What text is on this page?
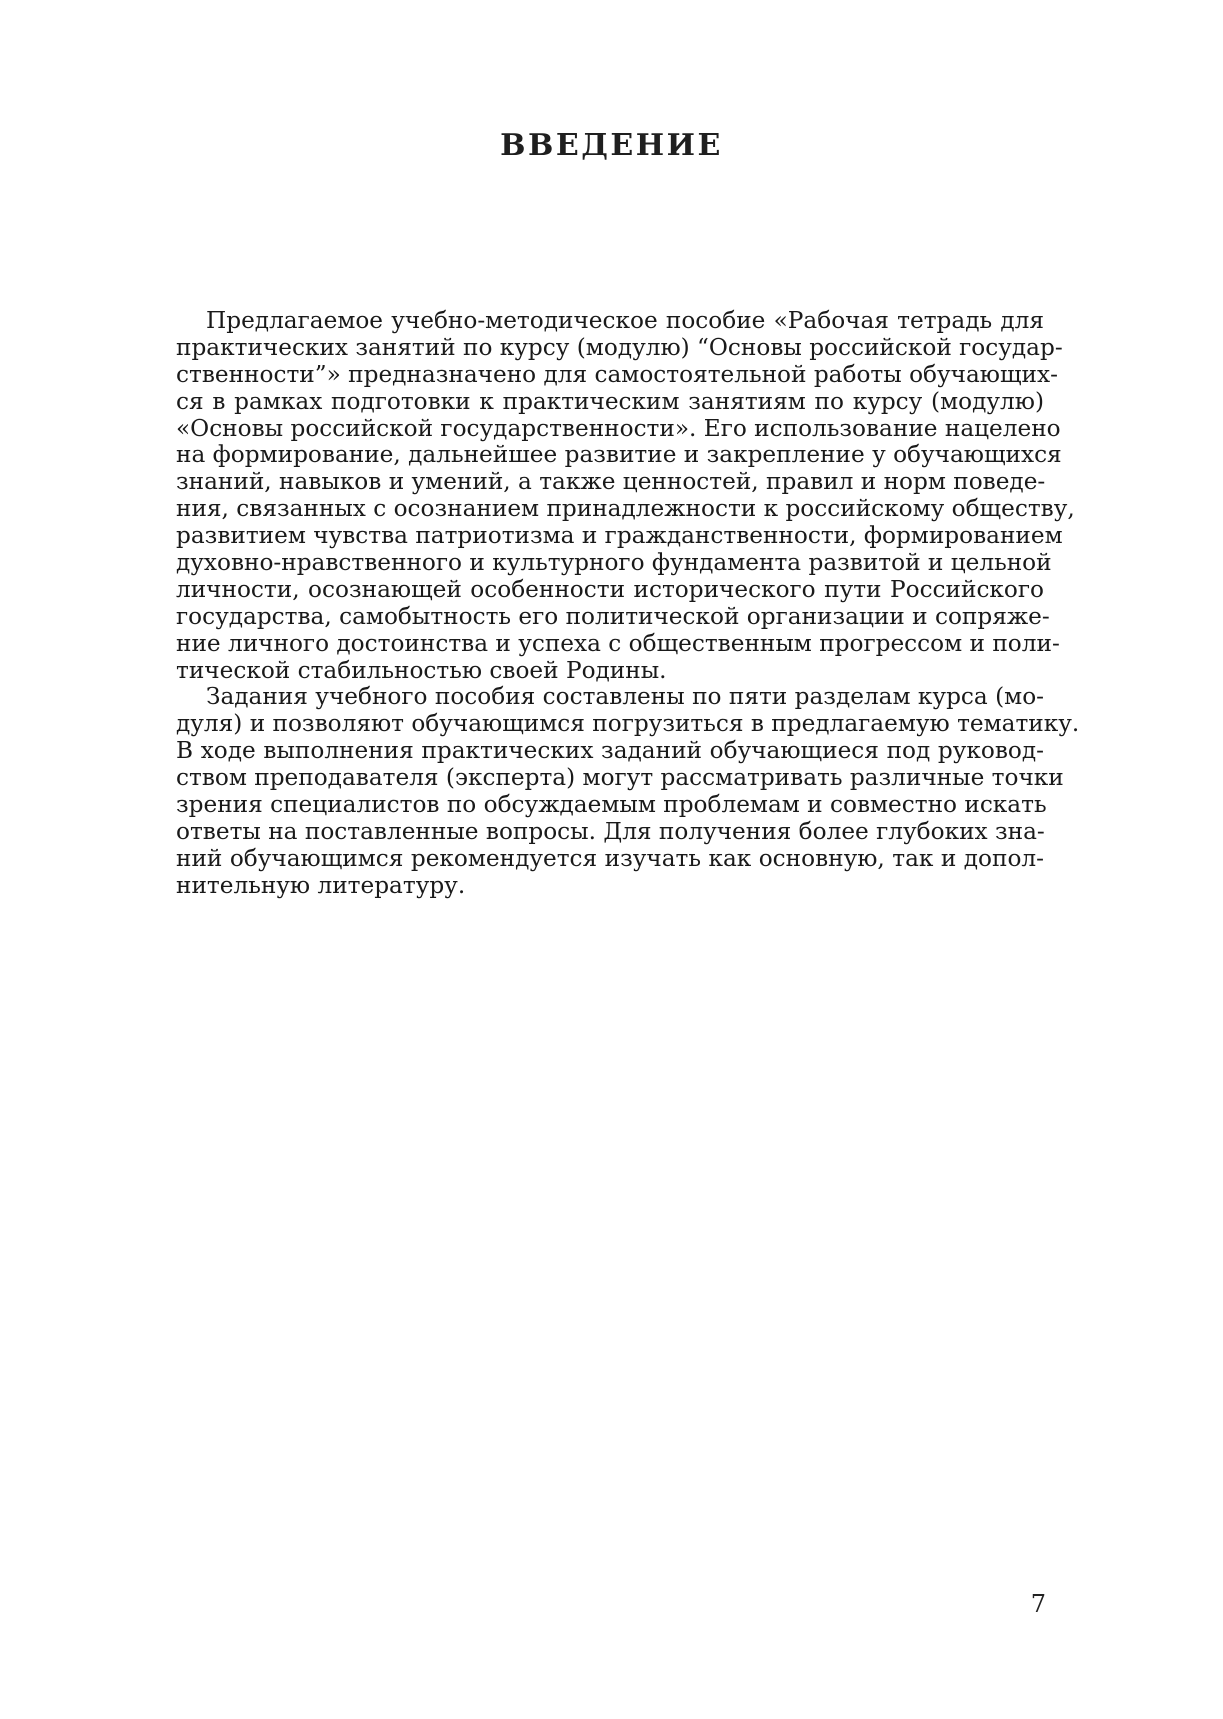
ВВЕДЕНИЕ
Предлагаемое учебно-методическое пособие «Рабочая тетрадь для
практических занятий по курсу (модулю) “Основы российской государ-
ственности”» предназначено для самостоятельной работы обучающих-
ся в рамках подготовки к практическим занятиям по курсу (модулю)
«Основы российской государственности». Его использование нацелено
на формирование, дальнейшее развитие и закрепление у обучающихся
знаний, навыков и умений, а также ценностей, правил и норм поведе-
ния, связанных с осознанием принадлежности к российскому обществу,
развитием чувства патриотизма и гражданственности, формированием
духовно-нравственного и культурного фундамента развитой и цельной
личности, осознающей особенности исторического пути Российского
государства, самобытность его политической организации и сопряже-
ние личного достоинства и успеха с общественным прогрессом и поли-
тической стабильностью своей Родины.
Задания учебного пособия составлены по пяти разделам курса (мо-
дуля) и позволяют обучающимся погрузиться в предлагаемую тематику.
В ходе выполнения практических заданий обучающиеся под руковод-
ством преподавателя (эксперта) могут рассматривать различные точки
зрения специалистов по обсуждаемым проблемам и совместно искать
ответы на поставленные вопросы. Для получения более глубоких зна-
ний обучающимся рекомендуется изучать как основную, так и допол-
нительную литературу.
7
